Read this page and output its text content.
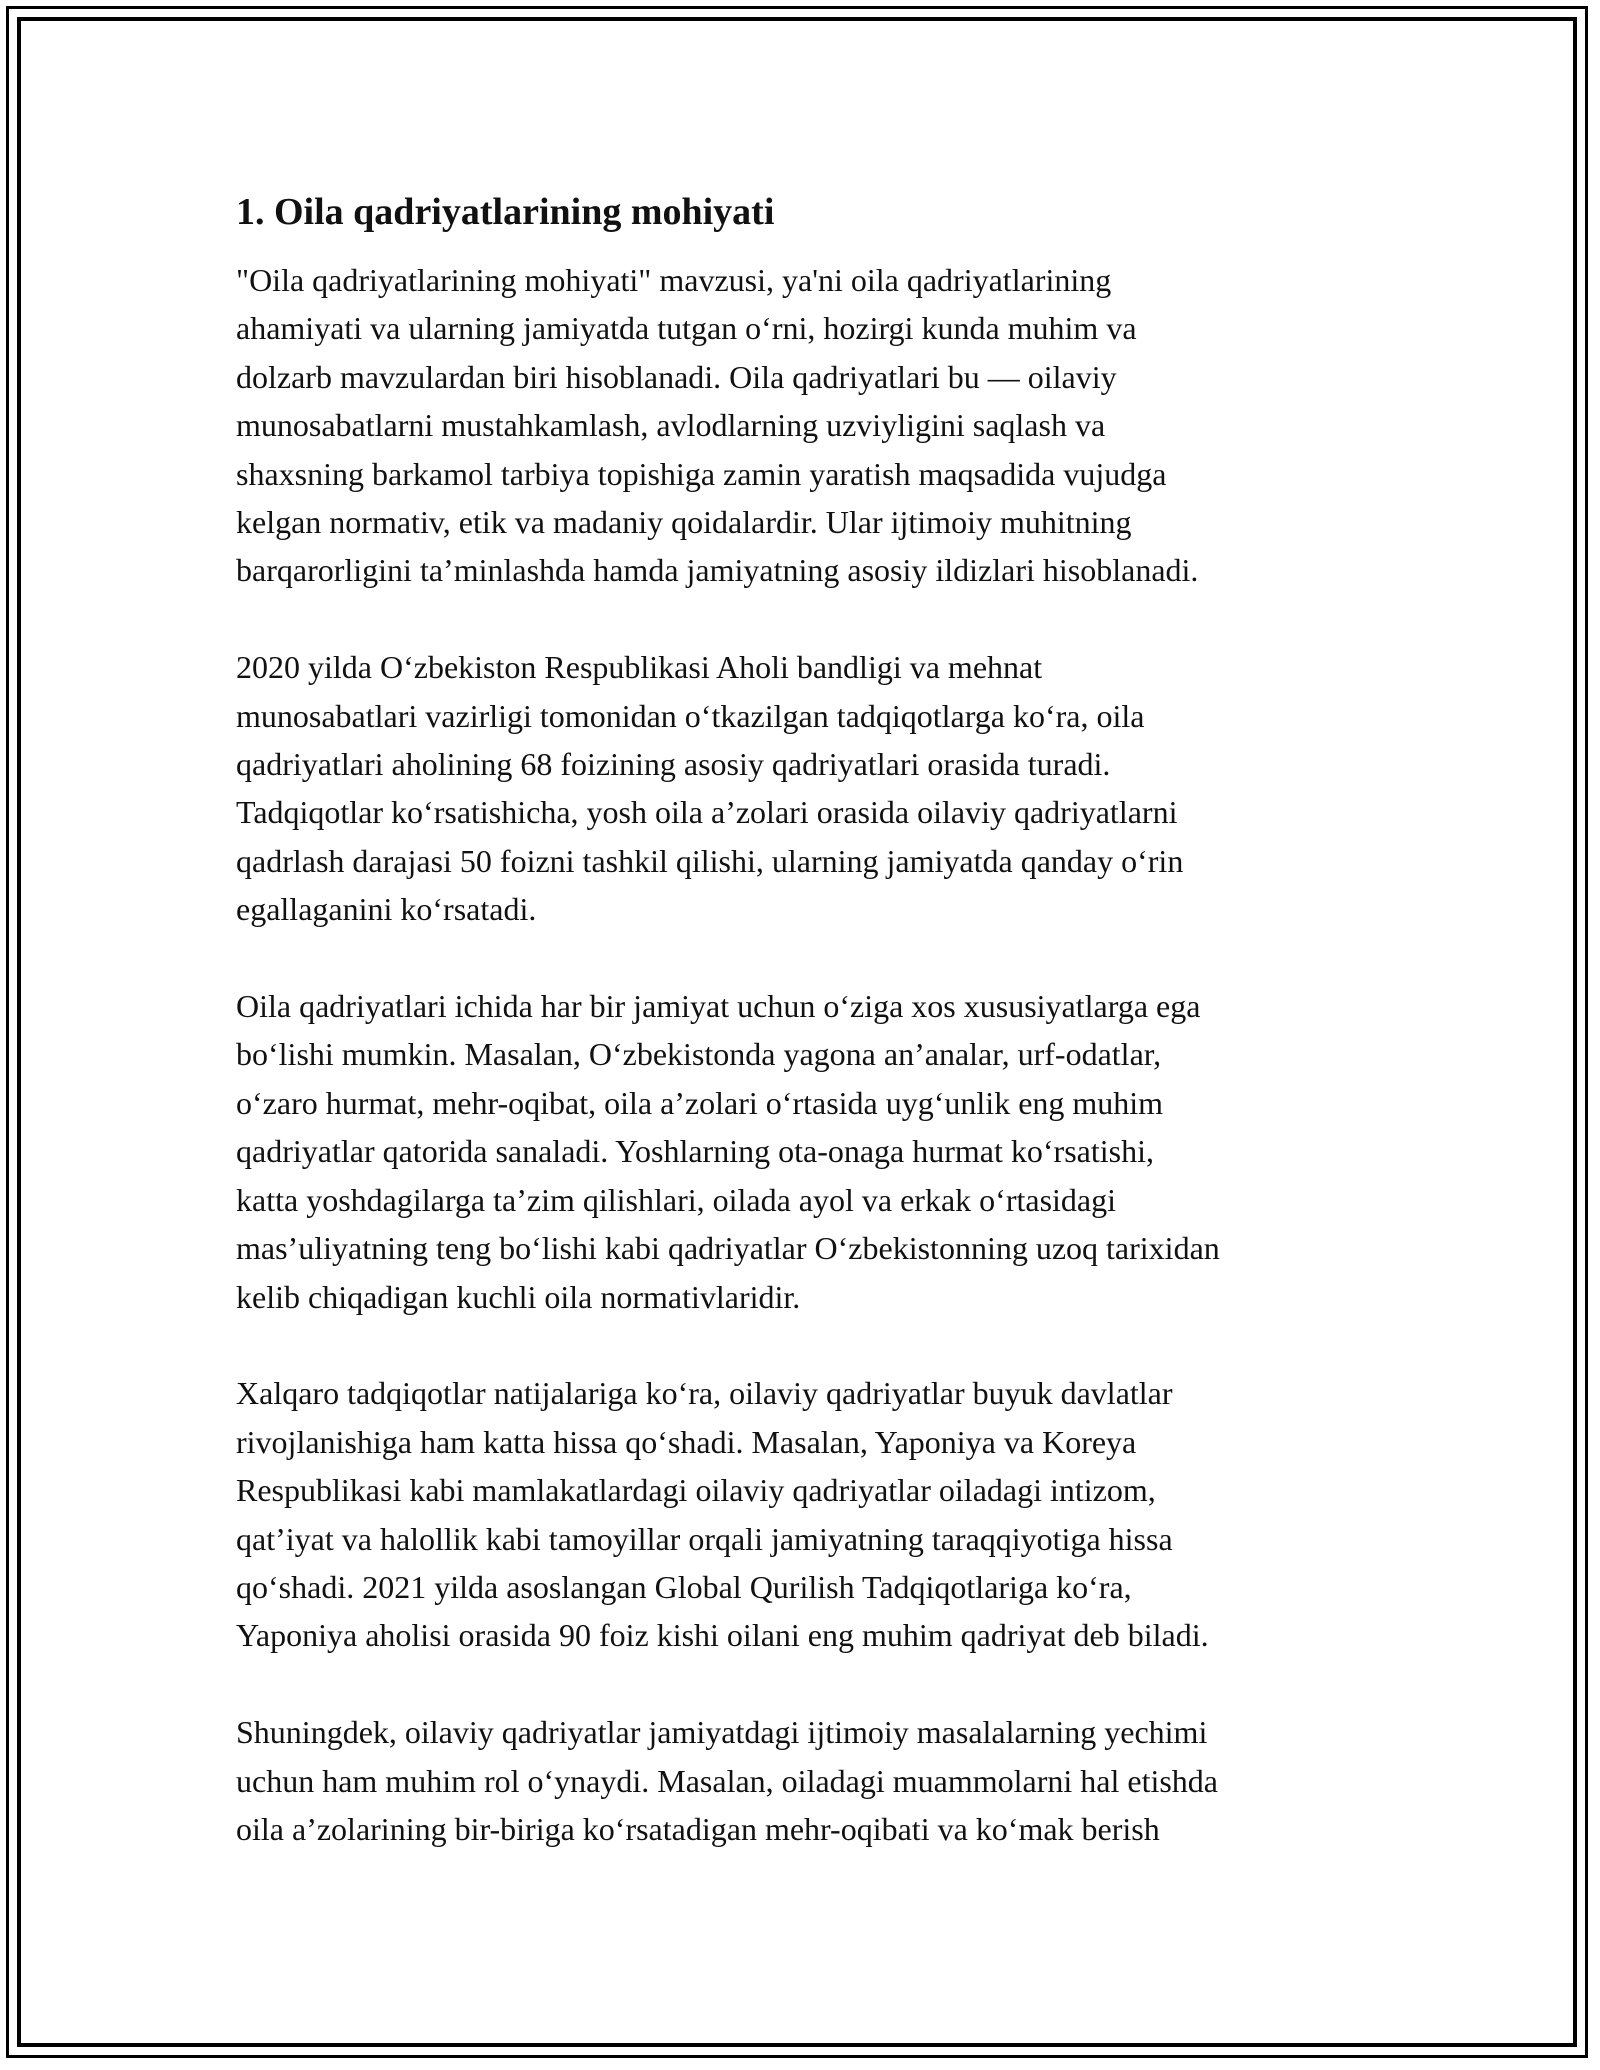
1. Oila qadriyatlarining mohiyati

"Oila qadriyatlarining mohiyati" mavzusi, ya'ni oila qadriyatlarining
ahamiyati va ularning jamiyatda tutgan o‘rni, hozirgi kunda muhim va
dolzarb mavzulardan biri hisoblanadi. Oila qadriyatlari bu — oilaviy
munosabatlarni mustahkamlash, avlodlarning uzviyligini saqlash va
shaxsning barkamol tarbiya topishiga zamin yaratish maqsadida vujudga
kelgan normativ, etik va madaniy qoidalardir. Ular ijtimoiy muhitning
barqarorligini ta’minlashda hamda jamiyatning asosiy ildizlari hisoblanadi.

2020 yilda O‘zbekiston Respublikasi Aholi bandligi va mehnat
munosabatlari vazirligi tomonidan o‘tkazilgan tadqiqotlarga ko‘ra, oila
qadriyatlari aholining 68 foizining asosiy qadriyatlari orasida turadi.
Tadqiqotlar ko‘rsatishicha, yosh oila a’zolari orasida oilaviy qadriyatlarni
qadrlash darajasi 50 foizni tashkil qilishi, ularning jamiyatda qanday o‘rin
egallaganini ko‘rsatadi.

Oila qadriyatlari ichida har bir jamiyat uchun o‘ziga xos xususiyatlarga ega
bo‘lishi mumkin. Masalan, O‘zbekistonda yagona an’analar, urf-odatlar,
o‘zaro hurmat, mehr-oqibat, oila a’zolari o‘rtasida uyg‘unlik eng muhim
qadriyatlar qatorida sanaladi. Yoshlarning ota-onaga hurmat ko‘rsatishi,
katta yoshdagilarga ta’zim qilishlari, oilada ayol va erkak o‘rtasidagi
mas’uliyatning teng bo‘lishi kabi qadriyatlar O‘zbekistonning uzoq tarixidan
kelib chiqadigan kuchli oila normativlaridir.

Xalqaro tadqiqotlar natijalariga ko‘ra, oilaviy qadriyatlar buyuk davlatlar
rivojlanishiga ham katta hissa qo‘shadi. Masalan, Yaponiya va Koreya
Respublikasi kabi mamlakatlardagi oilaviy qadriyatlar oiladagi intizom,
qat’iyat va halollik kabi tamoyillar orqali jamiyatning taraqqiyotiga hissa
qo‘shadi. 2021 yilda asoslangan Global Qurilish Tadqiqotlariga ko‘ra,
Yaponiya aholisi orasida 90 foiz kishi oilani eng muhim qadriyat deb biladi.

Shuningdek, oilaviy qadriyatlar jamiyatdagi ijtimoiy masalalarning yechimi
uchun ham muhim rol o‘ynaydi. Masalan, oiladagi muammolarni hal etishda
oila a’zolarining bir-biriga ko‘rsatadigan mehr-oqibati va ko‘mak berish
